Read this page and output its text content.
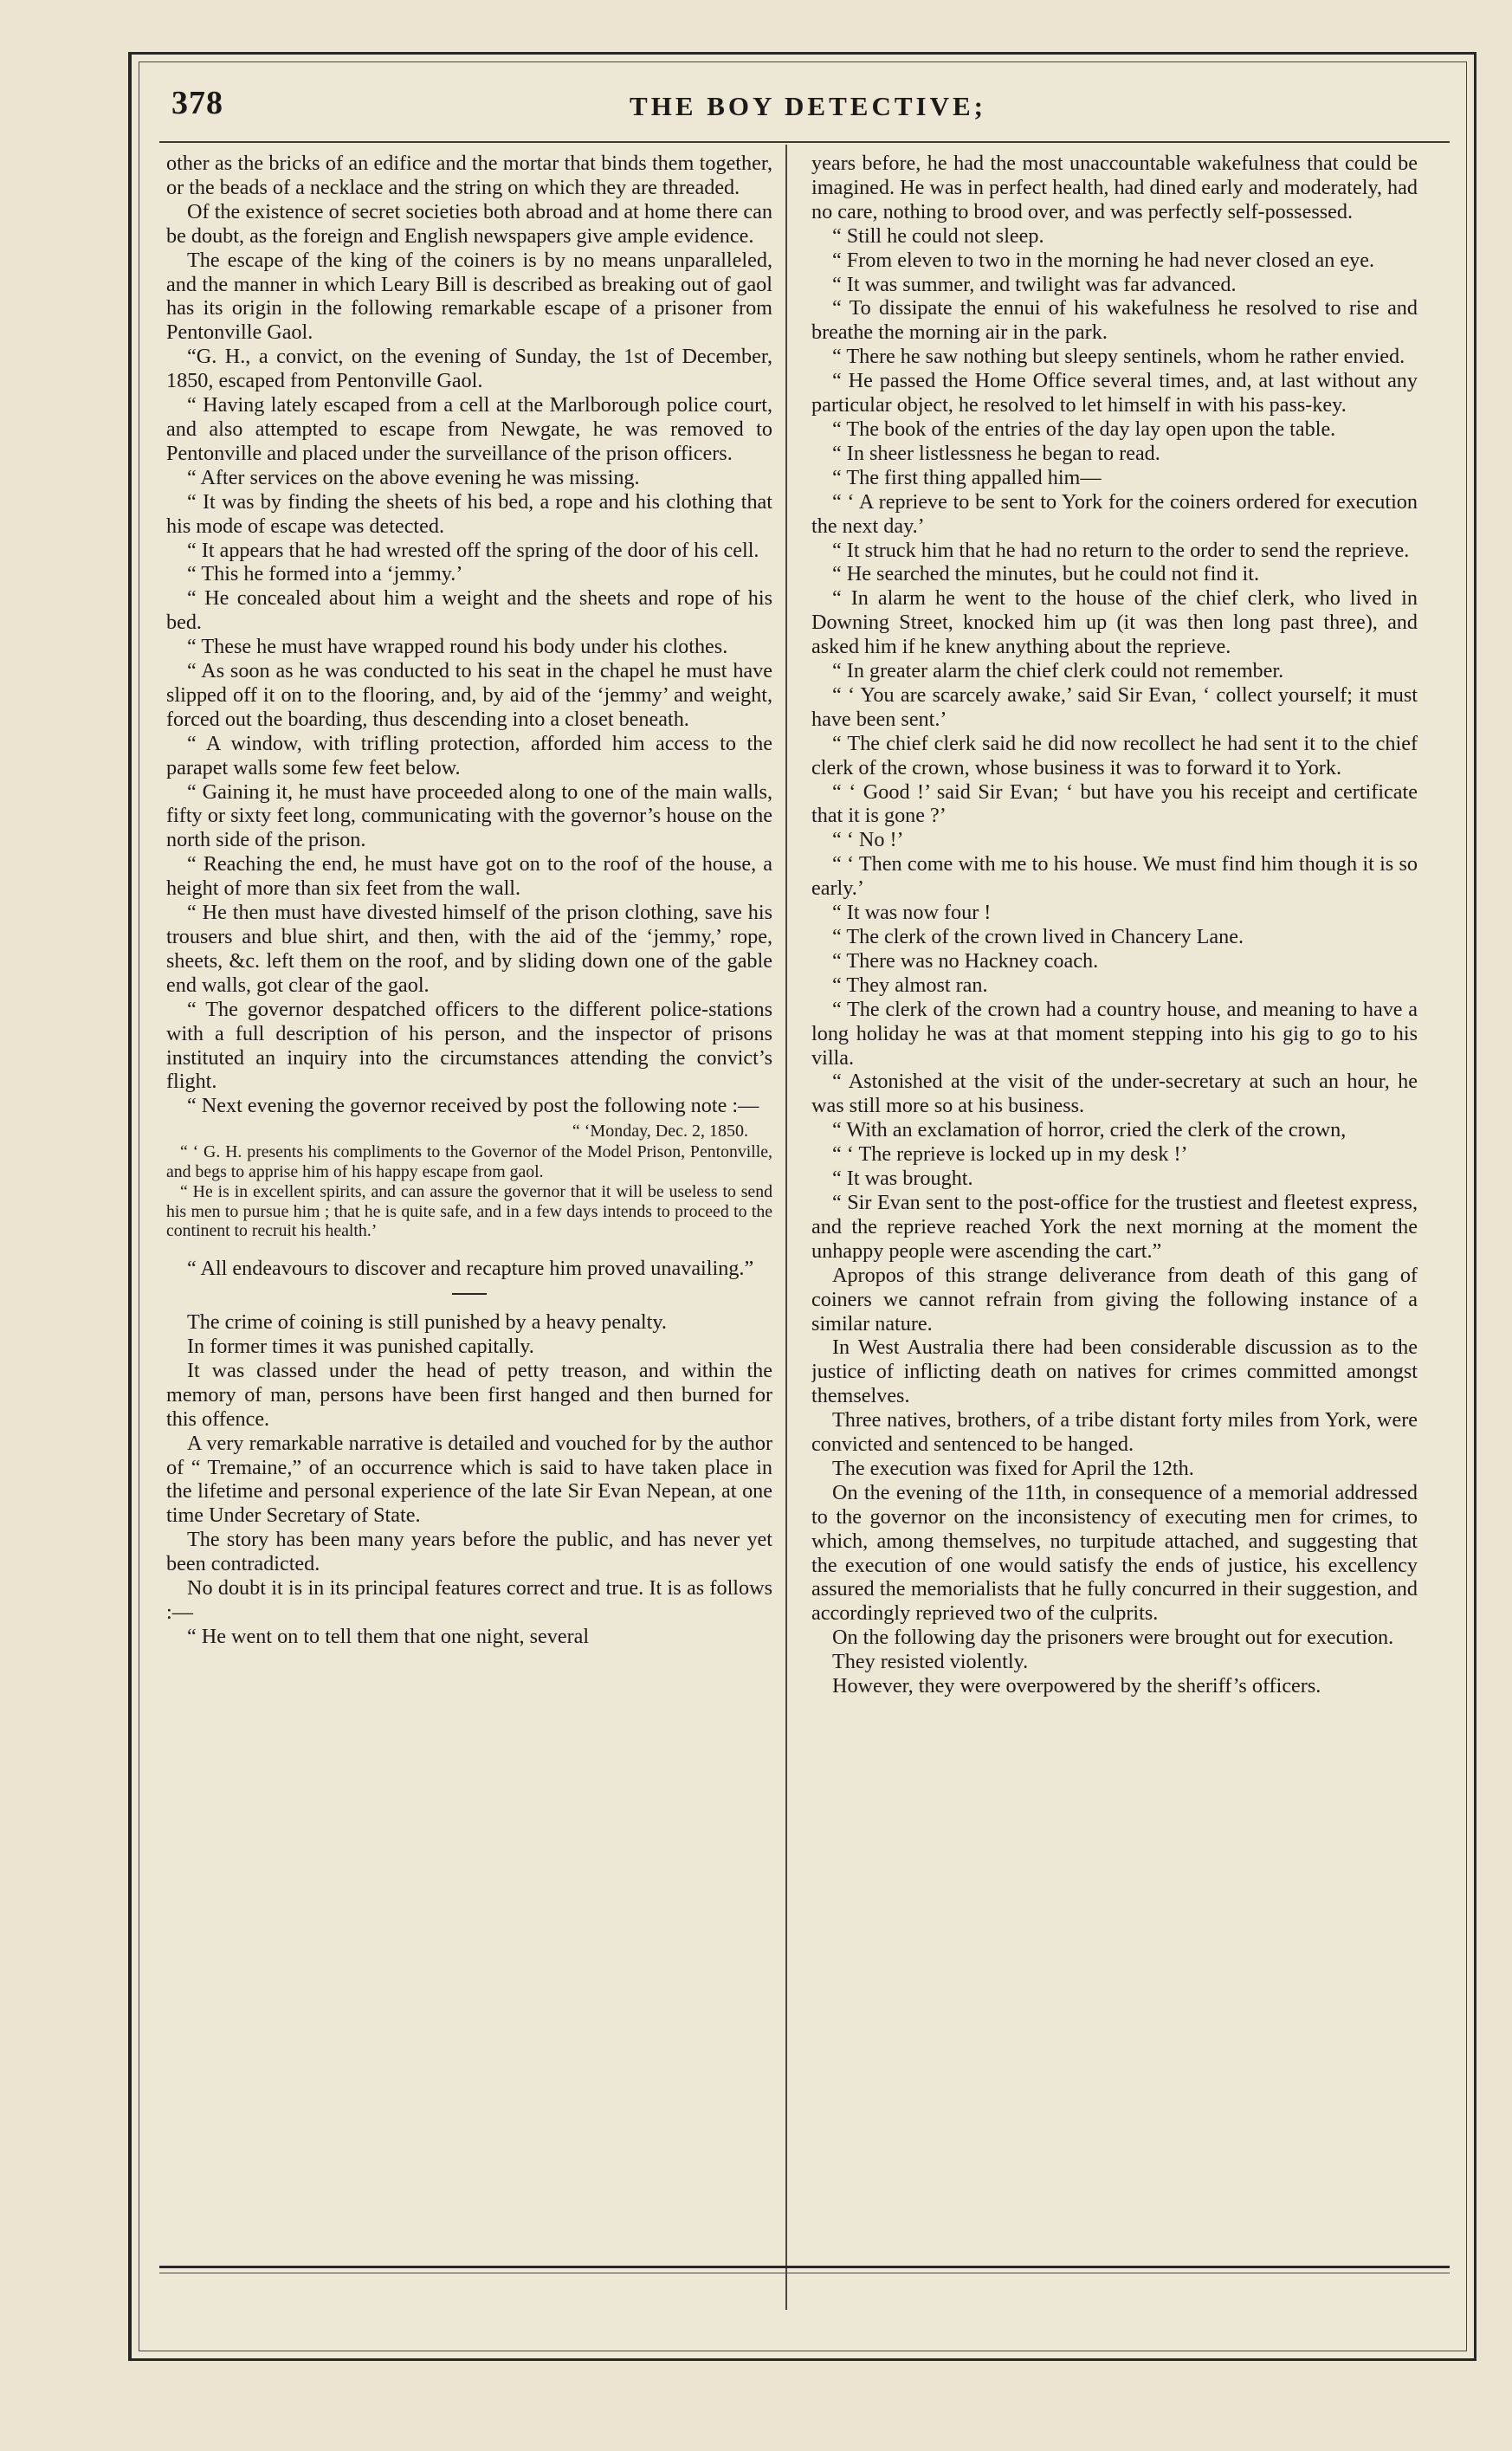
378	THE BOY DETECTIVE;

other as the bricks of an edifice and the mortar that binds them together, or the beads of a necklace and the string on which they are threaded.

Of the existence of secret societies both abroad and at home there can be doubt, as the foreign and English newspapers give ample evidence.

The escape of the king of the coiners is by no means unparalleled, and the manner in which Leary Bill is described as breaking out of gaol has its origin in the following remarkable escape of a prisoner from Pentonville Gaol.

“G. H., a convict, on the evening of Sunday, the 1st of December, 1850, escaped from Pentonville Gaol.

“ Having lately escaped from a cell at the Marlborough police court, and also attempted to escape from Newgate, he was removed to Pentonville and placed under the surveillance of the prison officers.

“ After services on the above evening he was missing.

“ It was by finding the sheets of his bed, a rope and his clothing that his mode of escape was detected.

“ It appears that he had wrested off the spring of the door of his cell.

“ This he formed into a ‘jemmy.’

“ He concealed about him a weight and the sheets and rope of his bed.

“ These he must have wrapped round his body under his clothes.

“ As soon as he was conducted to his seat in the chapel he must have slipped off it on to the flooring, and, by aid of the ‘jemmy’ and weight, forced out the boarding, thus descending into a closet beneath.

“ A window, with trifling protection, afforded him access to the parapet walls some few feet below.

“ Gaining it, he must have proceeded along to one of the main walls, fifty or sixty feet long, communicating with the governor’s house on the north side of the prison.

“ Reaching the end, he must have got on to the roof of the house, a height of more than six feet from the wall.

“ He then must have divested himself of the prison clothing, save his trousers and blue shirt, and then, with the aid of the ‘jemmy,’ rope, sheets, &c. left them on the roof, and by sliding down one of the gable end walls, got clear of the gaol.

“ The governor despatched officers to the different police-stations with a full description of his person, and the inspector of prisons instituted an inquiry into the circumstances attending the convict’s flight.

“ Next evening the governor received by post the following note :—

“ ‘Monday, Dec. 2, 1850.

“ ‘ G. H. presents his compliments to the Governor of the Model Prison, Pentonville, and begs to apprise him of his happy escape from gaol.

“ He is in excellent spirits, and can assure the governor that it will be useless to send his men to pursue him ; that he is quite safe, and in a few days intends to proceed to the continent to recruit his health.’

“ All endeavours to discover and recapture him proved unavailing.”

The crime of coining is still punished by a heavy penalty.

In former times it was punished capitally.

It was classed under the head of petty treason, and within the memory of man, persons have been first hanged and then burned for this offence.

A very remarkable narrative is detailed and vouched for by the author of “ Tremaine,” of an occurrence which is said to have taken place in the lifetime and personal experience of the late Sir Evan Nepean, at one time Under Secretary of State.

The story has been many years before the public, and has never yet been contradicted.

No doubt it is in its principal features correct and true. It is as follows :—

“ He went on to tell them that one night, several

years before, he had the most unaccountable wakefulness that could be imagined. He was in perfect health, had dined early and moderately, had no care, nothing to brood over, and was perfectly self-possessed.

“ Still he could not sleep.

“ From eleven to two in the morning he had never closed an eye.

“ It was summer, and twilight was far advanced.

“ To dissipate the ennui of his wakefulness he resolved to rise and breathe the morning air in the park.

“ There he saw nothing but sleepy sentinels, whom he rather envied.

“ He passed the Home Office several times, and, at last without any particular object, he resolved to let himself in with his pass-key.

“ The book of the entries of the day lay open upon the table.

“ In sheer listlessness he began to read.

“ The first thing appalled him—

“ ‘ A reprieve to be sent to York for the coiners ordered for execution the next day.’

“ It struck him that he had no return to the order to send the reprieve.

“ He searched the minutes, but he could not find it.

“ In alarm he went to the house of the chief clerk, who lived in Downing Street, knocked him up (it was then long past three), and asked him if he knew anything about the reprieve.

“ In greater alarm the chief clerk could not remember.

“ ‘ You are scarcely awake,’ said Sir Evan, ‘ collect yourself; it must have been sent.’

“ The chief clerk said he did now recollect he had sent it to the chief clerk of the crown, whose business it was to forward it to York.

“ ‘ Good !’ said Sir Evan; ‘ but have you his receipt and certificate that it is gone ?’

“ ‘ No !’

“ ‘ Then come with me to his house. We must find him though it is so early.’

“ It was now four !

“ The clerk of the crown lived in Chancery Lane.

“ There was no Hackney coach.

“ They almost ran.

“ The clerk of the crown had a country house, and meaning to have a long holiday he was at that moment stepping into his gig to go to his villa.

“ Astonished at the visit of the under-secretary at such an hour, he was still more so at his business.

“ With an exclamation of horror, cried the clerk of the crown,

“ ‘ The reprieve is locked up in my desk !’

“ It was brought.

“ Sir Evan sent to the post-office for the trustiest and fleetest express, and the reprieve reached York the next morning at the moment the unhappy people were ascending the cart.”

Apropos of this strange deliverance from death of this gang of coiners we cannot refrain from giving the following instance of a similar nature.

In West Australia there had been considerable discussion as to the justice of inflicting death on natives for crimes committed amongst themselves.

Three natives, brothers, of a tribe distant forty miles from York, were convicted and sentenced to be hanged.

The execution was fixed for April the 12th.

On the evening of the 11th, in consequence of a memorial addressed to the governor on the inconsistency of executing men for crimes, to which, among themselves, no turpitude attached, and suggesting that the execution of one would satisfy the ends of justice, his excellency assured the memorialists that he fully concurred in their suggestion, and accordingly reprieved two of the culprits.

On the following day the prisoners were brought out for execution.

They resisted violently.

However, they were overpowered by the sheriff’s officers.
